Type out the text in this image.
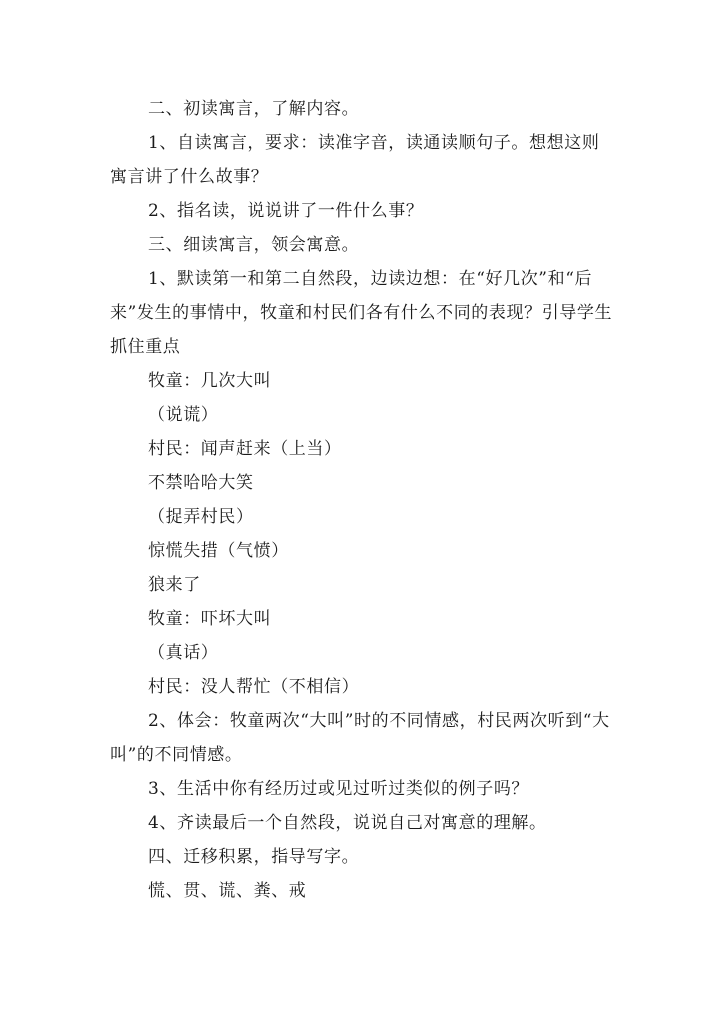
二、初读寓言，了解内容。

1、自读寓言，要求：读准字音，读通读顺句子。想想这则寓言讲了什么故事？

2、指名读，说说讲了一件什么事？

三、细读寓言，领会寓意。

1、默读第一和第二自然段，边读边想：在“好几次”和“后来”发生的事情中，牧童和村民们各有什么不同的表现？引导学生抓住重点

牧童：几次大叫

（说谎）

村民：闻声赶来（上当）

不禁哈哈大笑

（捉弄村民）

惊慌失措（气愤）

狼来了

牧童：吓坏大叫

（真话）

村民：没人帮忙（不相信）

2、体会：牧童两次“大叫”时的不同情感，村民两次听到“大叫”的不同情感。

3、生活中你有经历过或见过听过类似的例子吗？

4、齐读最后一个自然段，说说自己对寓意的理解。

四、迁移积累，指导写字。

慌、贯、谎、粪、戒
